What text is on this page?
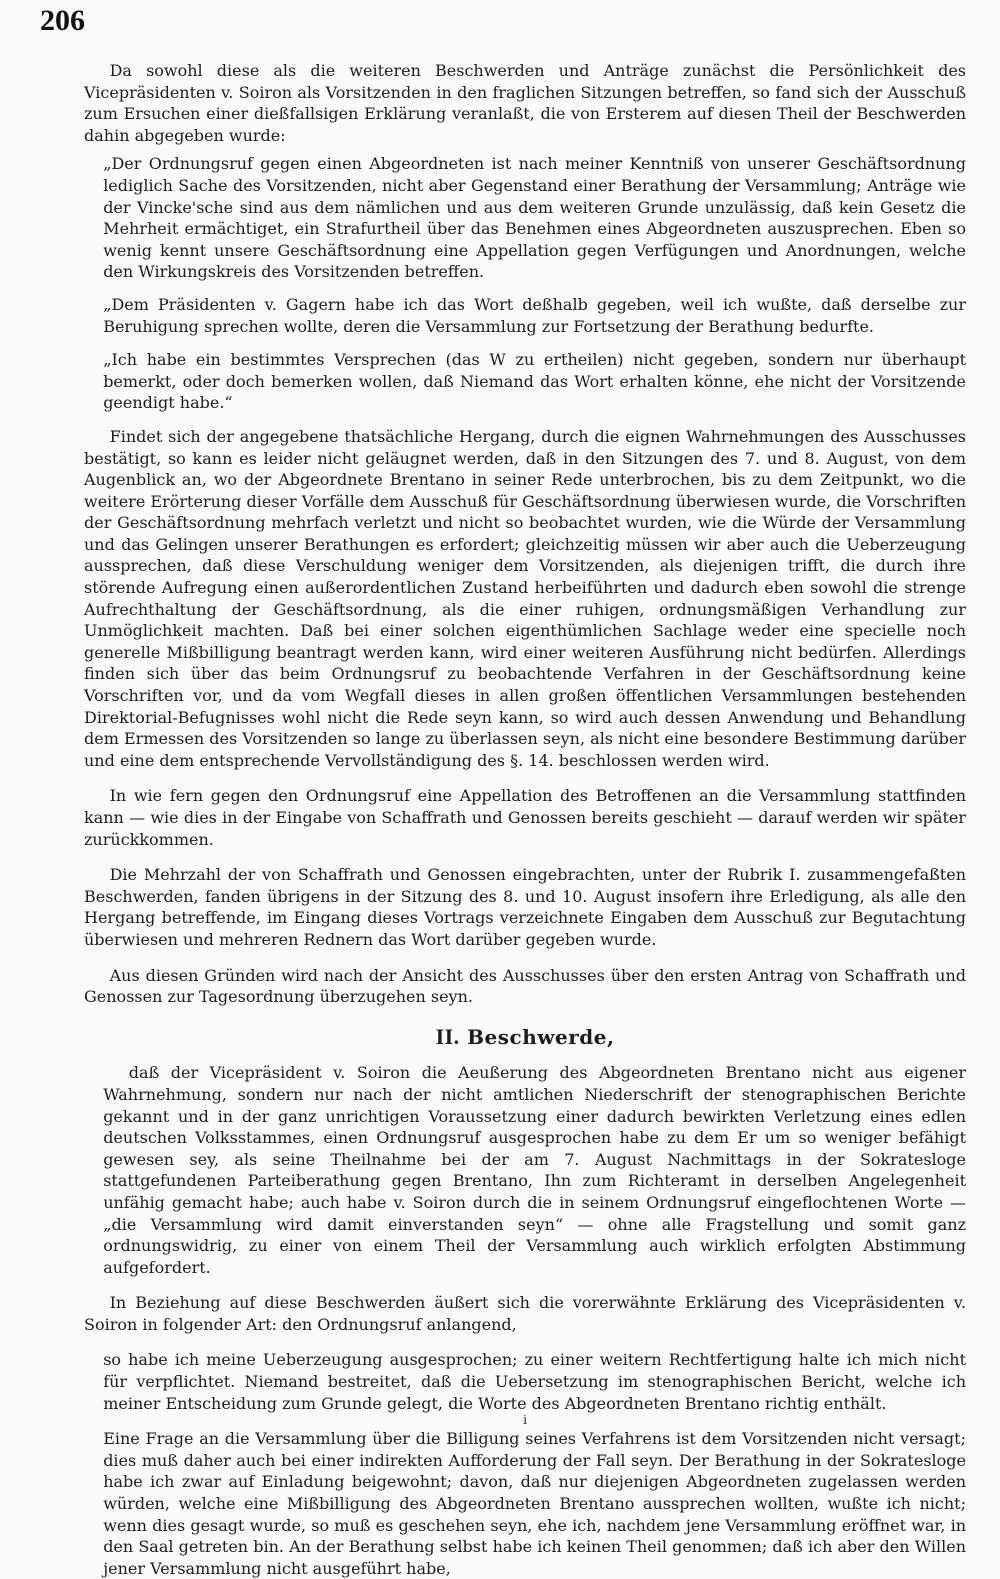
206

Da sowohl diese als die weiteren Beschwerden und Anträge zunächst die Persönlichkeit des Vicepräsidenten v. Soiron als Vorsitzenden in den fraglichen Sitzungen betreffen, so fand sich der Ausschuß zum Ersuchen einer dießfallsigen Erklärung veranlaßt, die von Ersterem auf diesen Theil der Beschwerden dahin abgegeben wurde:

„Der Ordnungsruf gegen einen Abgeordneten ist nach meiner Kenntniß von unserer Geschäftsordnung lediglich Sache des Vorsitzenden, nicht aber Gegenstand einer Berathung der Versammlung; Anträge wie der Vincke'sche sind aus dem nämlichen und aus dem weiteren Grunde unzulässig, daß kein Gesetz die Mehrheit ermächtiget, ein Strafurtheil über das Benehmen eines Abgeordneten auszusprechen. Eben so wenig kennt unsere Geschäftsordnung eine Appellation gegen Verfügungen und Anordnungen, welche den Wirkungskreis des Vorsitzenden betreffen.

„Dem Präsidenten v. Gagern habe ich das Wort deßhalb gegeben, weil ich wußte, daß derselbe zur Beruhigung sprechen wollte, deren die Versammlung zur Fortsetzung der Berathung bedurfte.

„Ich habe ein bestimmtes Versprechen (das W zu ertheilen) nicht gegeben, sondern nur überhaupt bemerkt, oder doch bemerken wollen, daß Niemand das Wort erhalten könne, ehe nicht der Vorsitzende geendigt habe.“

Findet sich der angegebene thatsächliche Hergang, durch die eignen Wahrnehmungen des Ausschusses bestätigt, so kann es leider nicht geläugnet werden, daß in den Sitzungen des 7. und 8. August, von dem Augenblick an, wo der Abgeordnete Brentano in seiner Rede unterbrochen, bis zu dem Zeitpunkt, wo die weitere Erörterung dieser Vorfälle dem Ausschuß für Geschäftsordnung überwiesen wurde, die Vorschriften der Geschäftsordnung mehrfach verletzt und nicht so beobachtet wurden, wie die Würde der Versammlung und das Gelingen unserer Berathungen es erfordert; gleichzeitig müssen wir aber auch die Ueberzeugung aussprechen, daß diese Verschuldung weniger dem Vorsitzenden, als diejenigen trifft, die durch ihre störende Aufregung einen außerordentlichen Zustand herbeiführten und dadurch eben sowohl die strenge Aufrechthaltung der Geschäftsordnung, als die einer ruhigen, ordnungsmäßigen Verhandlung zur Unmöglichkeit machten. Daß bei einer solchen eigenthümlichen Sachlage weder eine specielle noch generelle Mißbilligung beantragt werden kann, wird einer weiteren Ausführung nicht bedürfen. Allerdings finden sich über das beim Ordnungsruf zu beobachtende Verfahren in der Geschäftsordnung keine Vorschriften vor, und da vom Wegfall dieses in allen großen öffentlichen Versammlungen bestehenden Direktorial-Befugnisses wohl nicht die Rede seyn kann, so wird auch dessen Anwendung und Behandlung dem Ermessen des Vorsitzenden so lange zu überlassen seyn, als nicht eine besondere Bestimmung darüber und eine dem entsprechende Vervollständigung des §. 14. beschlossen werden wird.

In wie fern gegen den Ordnungsruf eine Appellation des Betroffenen an die Versammlung stattfinden kann — wie dies in der Eingabe von Schaffrath und Genossen bereits geschieht — darauf werden wir später zurückkommen.

Die Mehrzahl der von Schaffrath und Genossen eingebrachten, unter der Rubrik I. zusammengefaßten Beschwerden, fanden übrigens in der Sitzung des 8. und 10. August insofern ihre Erledigung, als alle den Hergang betreffende, im Eingang dieses Vortrags verzeichnete Eingaben dem Ausschuß zur Begutachtung überwiesen und mehreren Rednern das Wort darüber gegeben wurde.

Aus diesen Gründen wird nach der Ansicht des Ausschusses über den ersten Antrag von Schaffrath und Genossen zur Tagesordnung überzugehen seyn.

II. Beschwerde,

daß der Vicepräsident v. Soiron die Aeußerung des Abgeordneten Brentano nicht aus eigener Wahrnehmung, sondern nur nach der nicht amtlichen Niederschrift der stenographischen Berichte gekannt und in der ganz unrichtigen Voraussetzung einer dadurch bewirkten Verletzung eines edlen deutschen Volksstammes, einen Ordnungsruf ausgesprochen habe zu dem Er um so weniger befähigt gewesen sey, als seine Theilnahme bei der am 7. August Nachmittags in der Sokratesloge stattgefundenen Parteiberathung gegen Brentano, Ihn zum Richteramt in derselben Angelegenheit unfähig gemacht habe; auch habe v. Soiron durch die in seinem Ordnungsruf eingeflochtenen Worte — „die Versammlung wird damit einverstanden seyn“ — ohne alle Fragstellung und somit ganz ordnungswidrig, zu einer von einem Theil der Versammlung auch wirklich erfolgten Abstimmung aufgefordert.

In Beziehung auf diese Beschwerden äußert sich die vorerwähnte Erklärung des Vicepräsidenten v. Soiron in folgender Art: den Ordnungsruf anlangend,

so habe ich meine Ueberzeugung ausgesprochen; zu einer weitern Rechtfertigung halte ich mich nicht für verpflichtet. Niemand bestreitet, daß die Uebersetzung im stenographischen Bericht, welche ich meiner Entscheidung zum Grunde gelegt, die Worte des Abgeordneten Brentano richtig enthält.

i

Eine Frage an die Versammlung über die Billigung seines Verfahrens ist dem Vorsitzenden nicht versagt; dies muß daher auch bei einer indirekten Aufforderung der Fall seyn. Der Berathung in der Sokratesloge habe ich zwar auf Einladung beigewohnt; davon, daß nur diejenigen Abgeordneten zugelassen werden würden, welche eine Mißbilligung des Abgeordneten Brentano aussprechen wollten, wußte ich nicht; wenn dies gesagt wurde, so muß es geschehen seyn, ehe ich, nachdem jene Versammlung eröffnet war, in den Saal getreten bin. An der Berathung selbst habe ich keinen Theil genommen; daß ich aber den Willen jener Versammlung nicht ausgeführt habe,
